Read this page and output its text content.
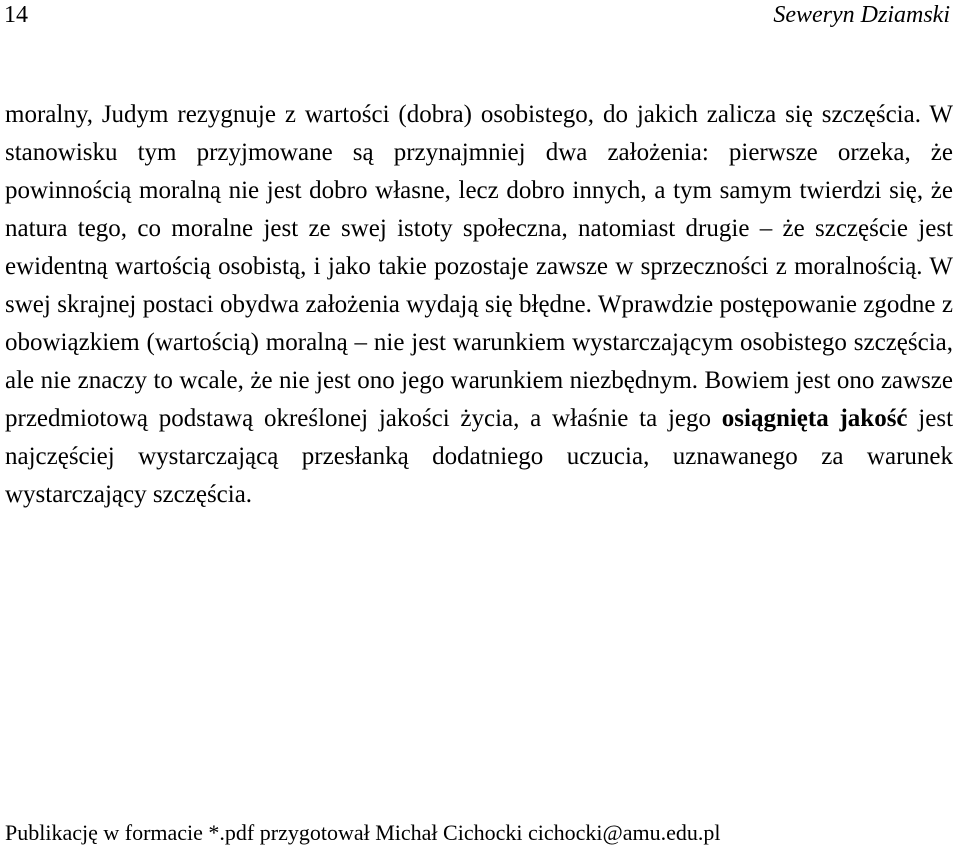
14	Seweryn Dziamski

moralny, Judym rezygnuje z wartości (dobra) osobistego, do jakich zalicza się szczęścia. W stanowisku tym przyjmowane są przynajmniej dwa założenia: pierwsze orzeka, że powinnością moralną nie jest dobro własne, lecz dobro innych, a tym samym twierdzi się, że natura tego, co moralne jest ze swej istoty społeczna, natomiast drugie – że szczęście jest ewidentną wartością osobistą, i jako takie pozostaje zawsze w sprzeczności z moralnością. W swej skrajnej postaci obydwa założenia wydają się błędne. Wprawdzie postępowanie zgodne z obowiązkiem (wartością) moralną – nie jest warunkiem wystarczającym osobistego szczęścia, ale nie znaczy to wcale, że nie jest ono jego warunkiem niezbędnym. Bowiem jest ono zawsze przedmiotową podstawą określonej jakości życia, a właśnie ta jego osiągnięta jakość jest najczęściej wystarczającą przesłanką dodatniego uczucia, uznawanego za warunek wystarczający szczęścia.

Publikację w formacie *.pdf przygotował Michał Cichocki cichocki@amu.edu.pl
